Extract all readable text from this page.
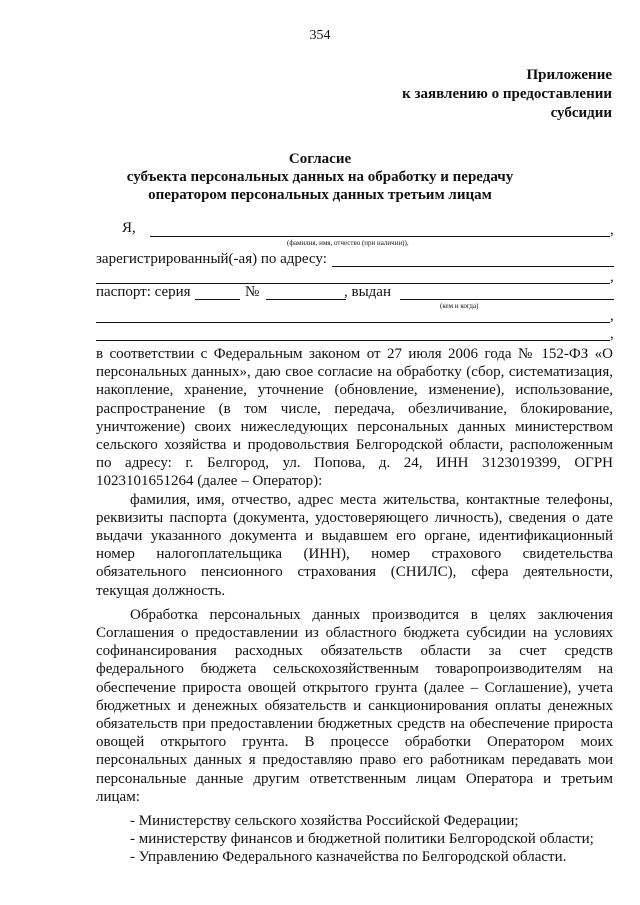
354
Приложение
к заявлению о предоставлении
субсидии
Согласие
субъекта персональных данных на обработку и передачу
оператором персональных данных третьим лицам
Я,	,
(фамилия, имя, отчество (при наличии)),
зарегистрированный(-ая) по адресу:
,
паспорт: серия	№	, выдан
(кем и когда)
,
,

в соответствии с Федеральным законом от 27 июля 2006 года № 152-ФЗ «О персональных данных», даю свое согласие на обработку (сбор, систематизация, накопление, хранение, уточнение (обновление, изменение), использование, распространение (в том числе, передача, обезличивание, блокирование, уничтожение) своих нижеследующих персональных данных министерством сельского хозяйства и продовольствия Белгородской области, расположенным по адресу: г. Белгород, ул. Попова, д. 24, ИНН 3123019399, ОГРН 1023101651264 (далее – Оператор):

фамилия, имя, отчество, адрес места жительства, контактные телефоны, реквизиты паспорта (документа, удостоверяющего личность), сведения о дате выдачи указанного документа и выдавшем его органе, идентификационный номер налогоплательщика (ИНН), номер страхового свидетельства обязательного пенсионного страхования (СНИЛС), сфера деятельности, текущая должность.

Обработка персональных данных производится в целях заключения Соглашения о предоставлении из областного бюджета субсидии на условиях софинансирования расходных обязательств области за счет средств федерального бюджета сельскохозяйственным товаропроизводителям на обеспечение прироста овощей открытого грунта (далее – Соглашение), учета бюджетных и денежных обязательств и санкционирования оплаты денежных обязательств при предоставлении бюджетных средств на обеспечение прироста овощей открытого грунта. В процессе обработки Оператором моих персональных данных я предоставляю право его работникам передавать мои персональные данные другим ответственным лицам Оператора и третьим лицам:

- Министерству сельского хозяйства Российской Федерации;

- министерству финансов и бюджетной политики Белгородской области;

- Управлению Федерального казначейства по Белгородской области.
